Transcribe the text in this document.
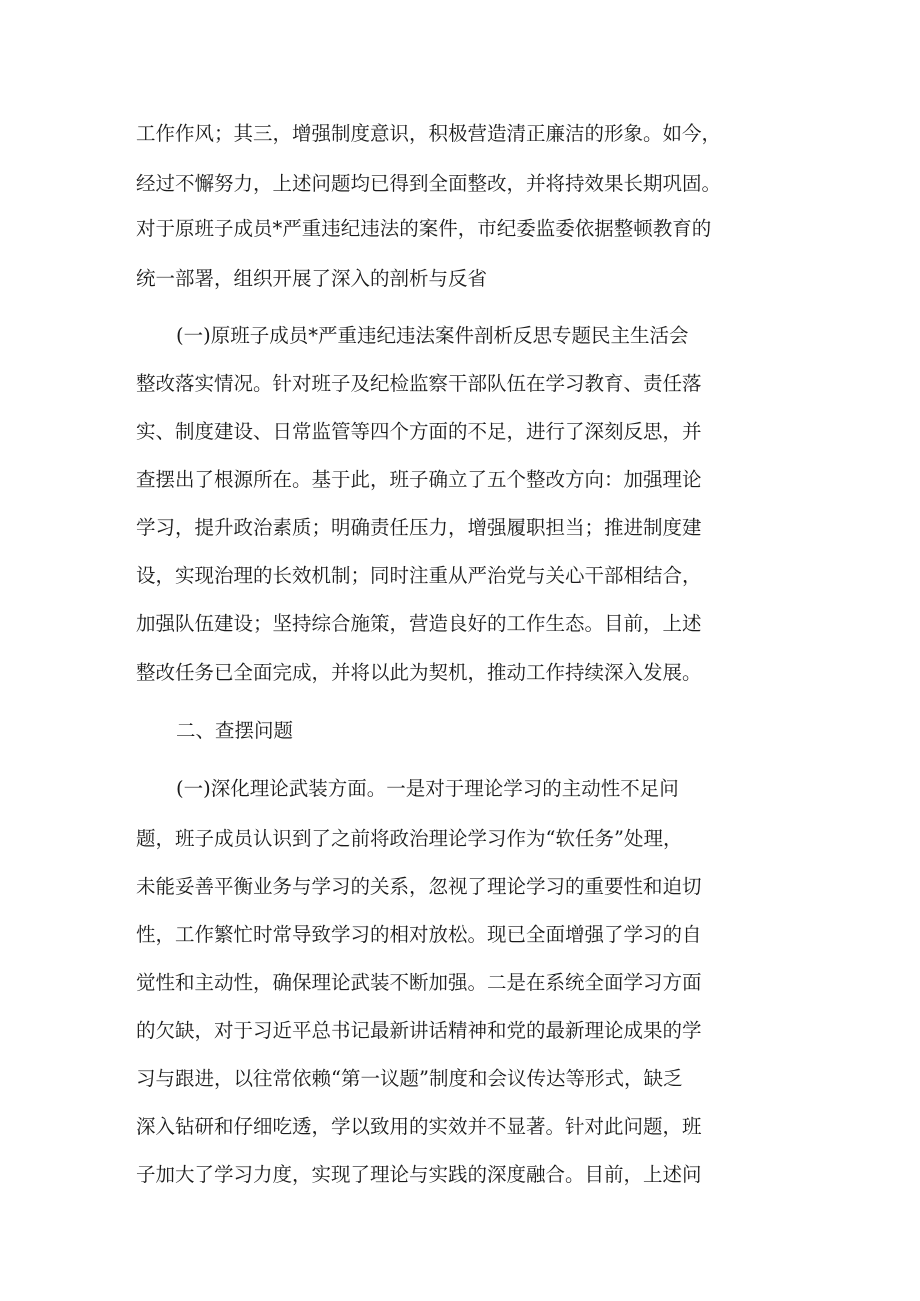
工作作风；其三，增强制度意识，积极营造清正廉洁的形象。如今，
经过不懈努力，上述问题均已得到全面整改，并将持效果长期巩固。
对于原班子成员*严重违纪违法的案件，市纪委监委依据整顿教育的
统一部署，组织开展了深入的剖析与反省
(一)原班子成员*严重违纪违法案件剖析反思专题民主生活会
整改落实情况。针对班子及纪检监察干部队伍在学习教育、责任落
实、制度建设、日常监管等四个方面的不足，进行了深刻反思，并
查摆出了根源所在。基于此，班子确立了五个整改方向：加强理论
学习，提升政治素质；明确责任压力，增强履职担当；推进制度建
设，实现治理的长效机制；同时注重从严治党与关心干部相结合，
加强队伍建设；坚持综合施策，营造良好的工作生态。目前，上述
整改任务已全面完成，并将以此为契机，推动工作持续深入发展。
二、查摆问题
(一)深化理论武装方面。一是对于理论学习的主动性不足问
题，班子成员认识到了之前将政治理论学习作为“软任务”处理，
未能妥善平衡业务与学习的关系，忽视了理论学习的重要性和迫切
性，工作繁忙时常导致学习的相对放松。现已全面增强了学习的自
觉性和主动性，确保理论武装不断加强。二是在系统全面学习方面
的欠缺，对于习近平总书记最新讲话精神和党的最新理论成果的学
习与跟进，以往常依赖“第一议题”制度和会议传达等形式，缺乏
深入钻研和仔细吃透，学以致用的实效并不显著。针对此问题，班
子加大了学习力度，实现了理论与实践的深度融合。目前，上述问
